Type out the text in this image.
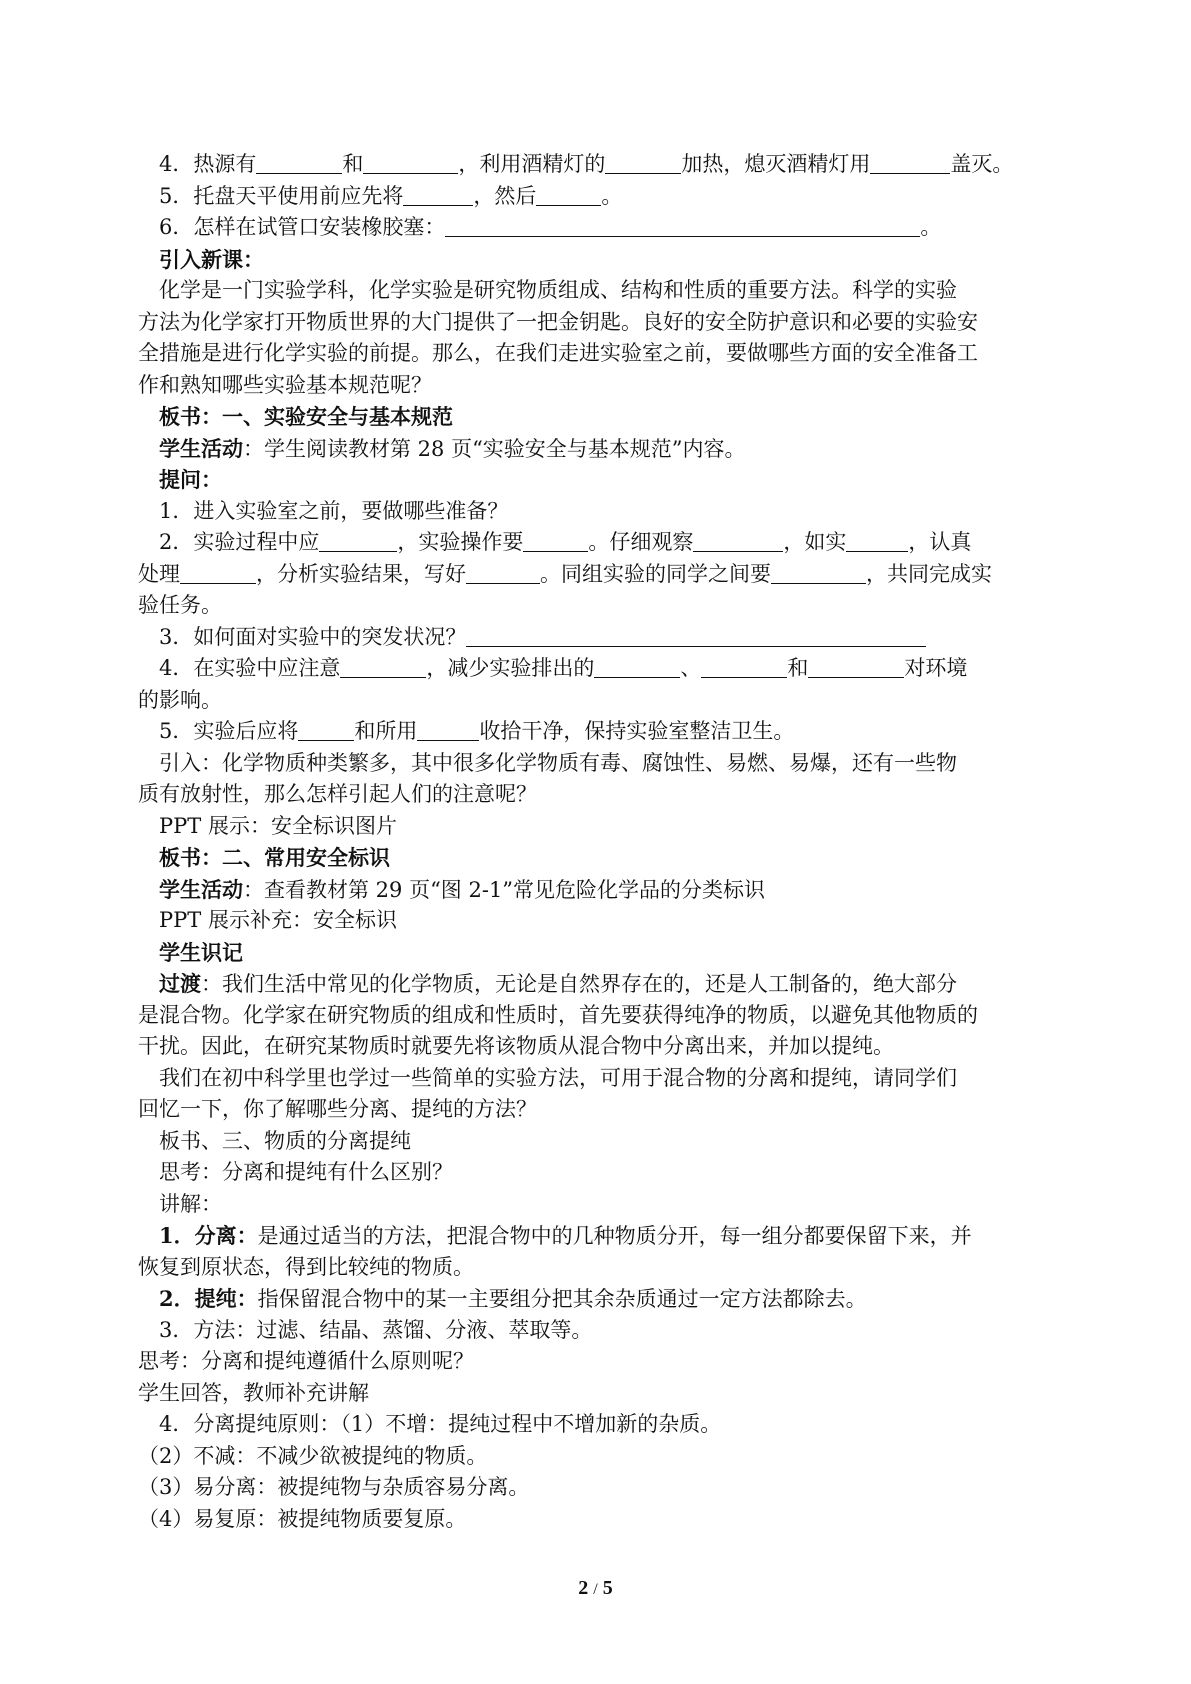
4．热源有	和	，利用酒精灯的	加热，熄灭酒精灯用	盖灭。
5．托盘天平使用前应先将	，然后	。
6．怎样在试管口安装橡胶塞：	。
引入新课：
化学是一门实验学科，化学实验是研究物质组成、结构和性质的重要方法。科学的实验
方法为化学家打开物质世界的大门提供了一把金钥匙。良好的安全防护意识和必要的实验安
全措施是进行化学实验的前提。那么，在我们走进实验室之前，要做哪些方面的安全准备工
作和熟知哪些实验基本规范呢？
板书：一、实验安全与基本规范
学生活动：学生阅读教材第 28 页“实验安全与基本规范”内容。
提问：
1．进入实验室之前，要做哪些准备？
2．实验过程中应	，实验操作要	。仔细观察	，如实	，认真
处理	，分析实验结果，写好	。同组实验的同学之间要	，共同完成实
验任务。
3．如何面对实验中的突发状况？
4．在实验中应注意	，减少实验排出的	、	和	对环境
的影响。
5．实验后应将	和所用	收拾干净，保持实验室整洁卫生。
引入：化学物质种类繁多，其中很多化学物质有毒、腐蚀性、易燃、易爆，还有一些物
质有放射性，那么怎样引起人们的注意呢？
PPT 展示：安全标识图片
板书：二、常用安全标识
学生活动：查看教材第 29 页“图 2-1”常见危险化学品的分类标识
PPT 展示补充：安全标识
学生识记
过渡：我们生活中常见的化学物质，无论是自然界存在的，还是人工制备的，绝大部分
是混合物。化学家在研究物质的组成和性质时，首先要获得纯净的物质，以避免其他物质的
干扰。因此，在研究某物质时就要先将该物质从混合物中分离出来，并加以提纯。
我们在初中科学里也学过一些简单的实验方法，可用于混合物的分离和提纯，请同学们
回忆一下，你了解哪些分离、提纯的方法？
板书、三、物质的分离提纯
思考：分离和提纯有什么区别？
讲解：
1．分离：是通过适当的方法，把混合物中的几种物质分开，每一组分都要保留下来，并
恢复到原状态，得到比较纯的物质。
2．提纯：指保留混合物中的某一主要组分把其余杂质通过一定方法都除去。
3．方法：过滤、结晶、蒸馏、分液、萃取等。
思考：分离和提纯遵循什么原则呢？
学生回答，教师补充讲解
4．分离提纯原则：（1）不增：提纯过程中不增加新的杂质。
（2）不减：不减少欲被提纯的物质。
（3）易分离：被提纯物与杂质容易分离。
（4）易复原：被提纯物质要复原。
2 / 5
